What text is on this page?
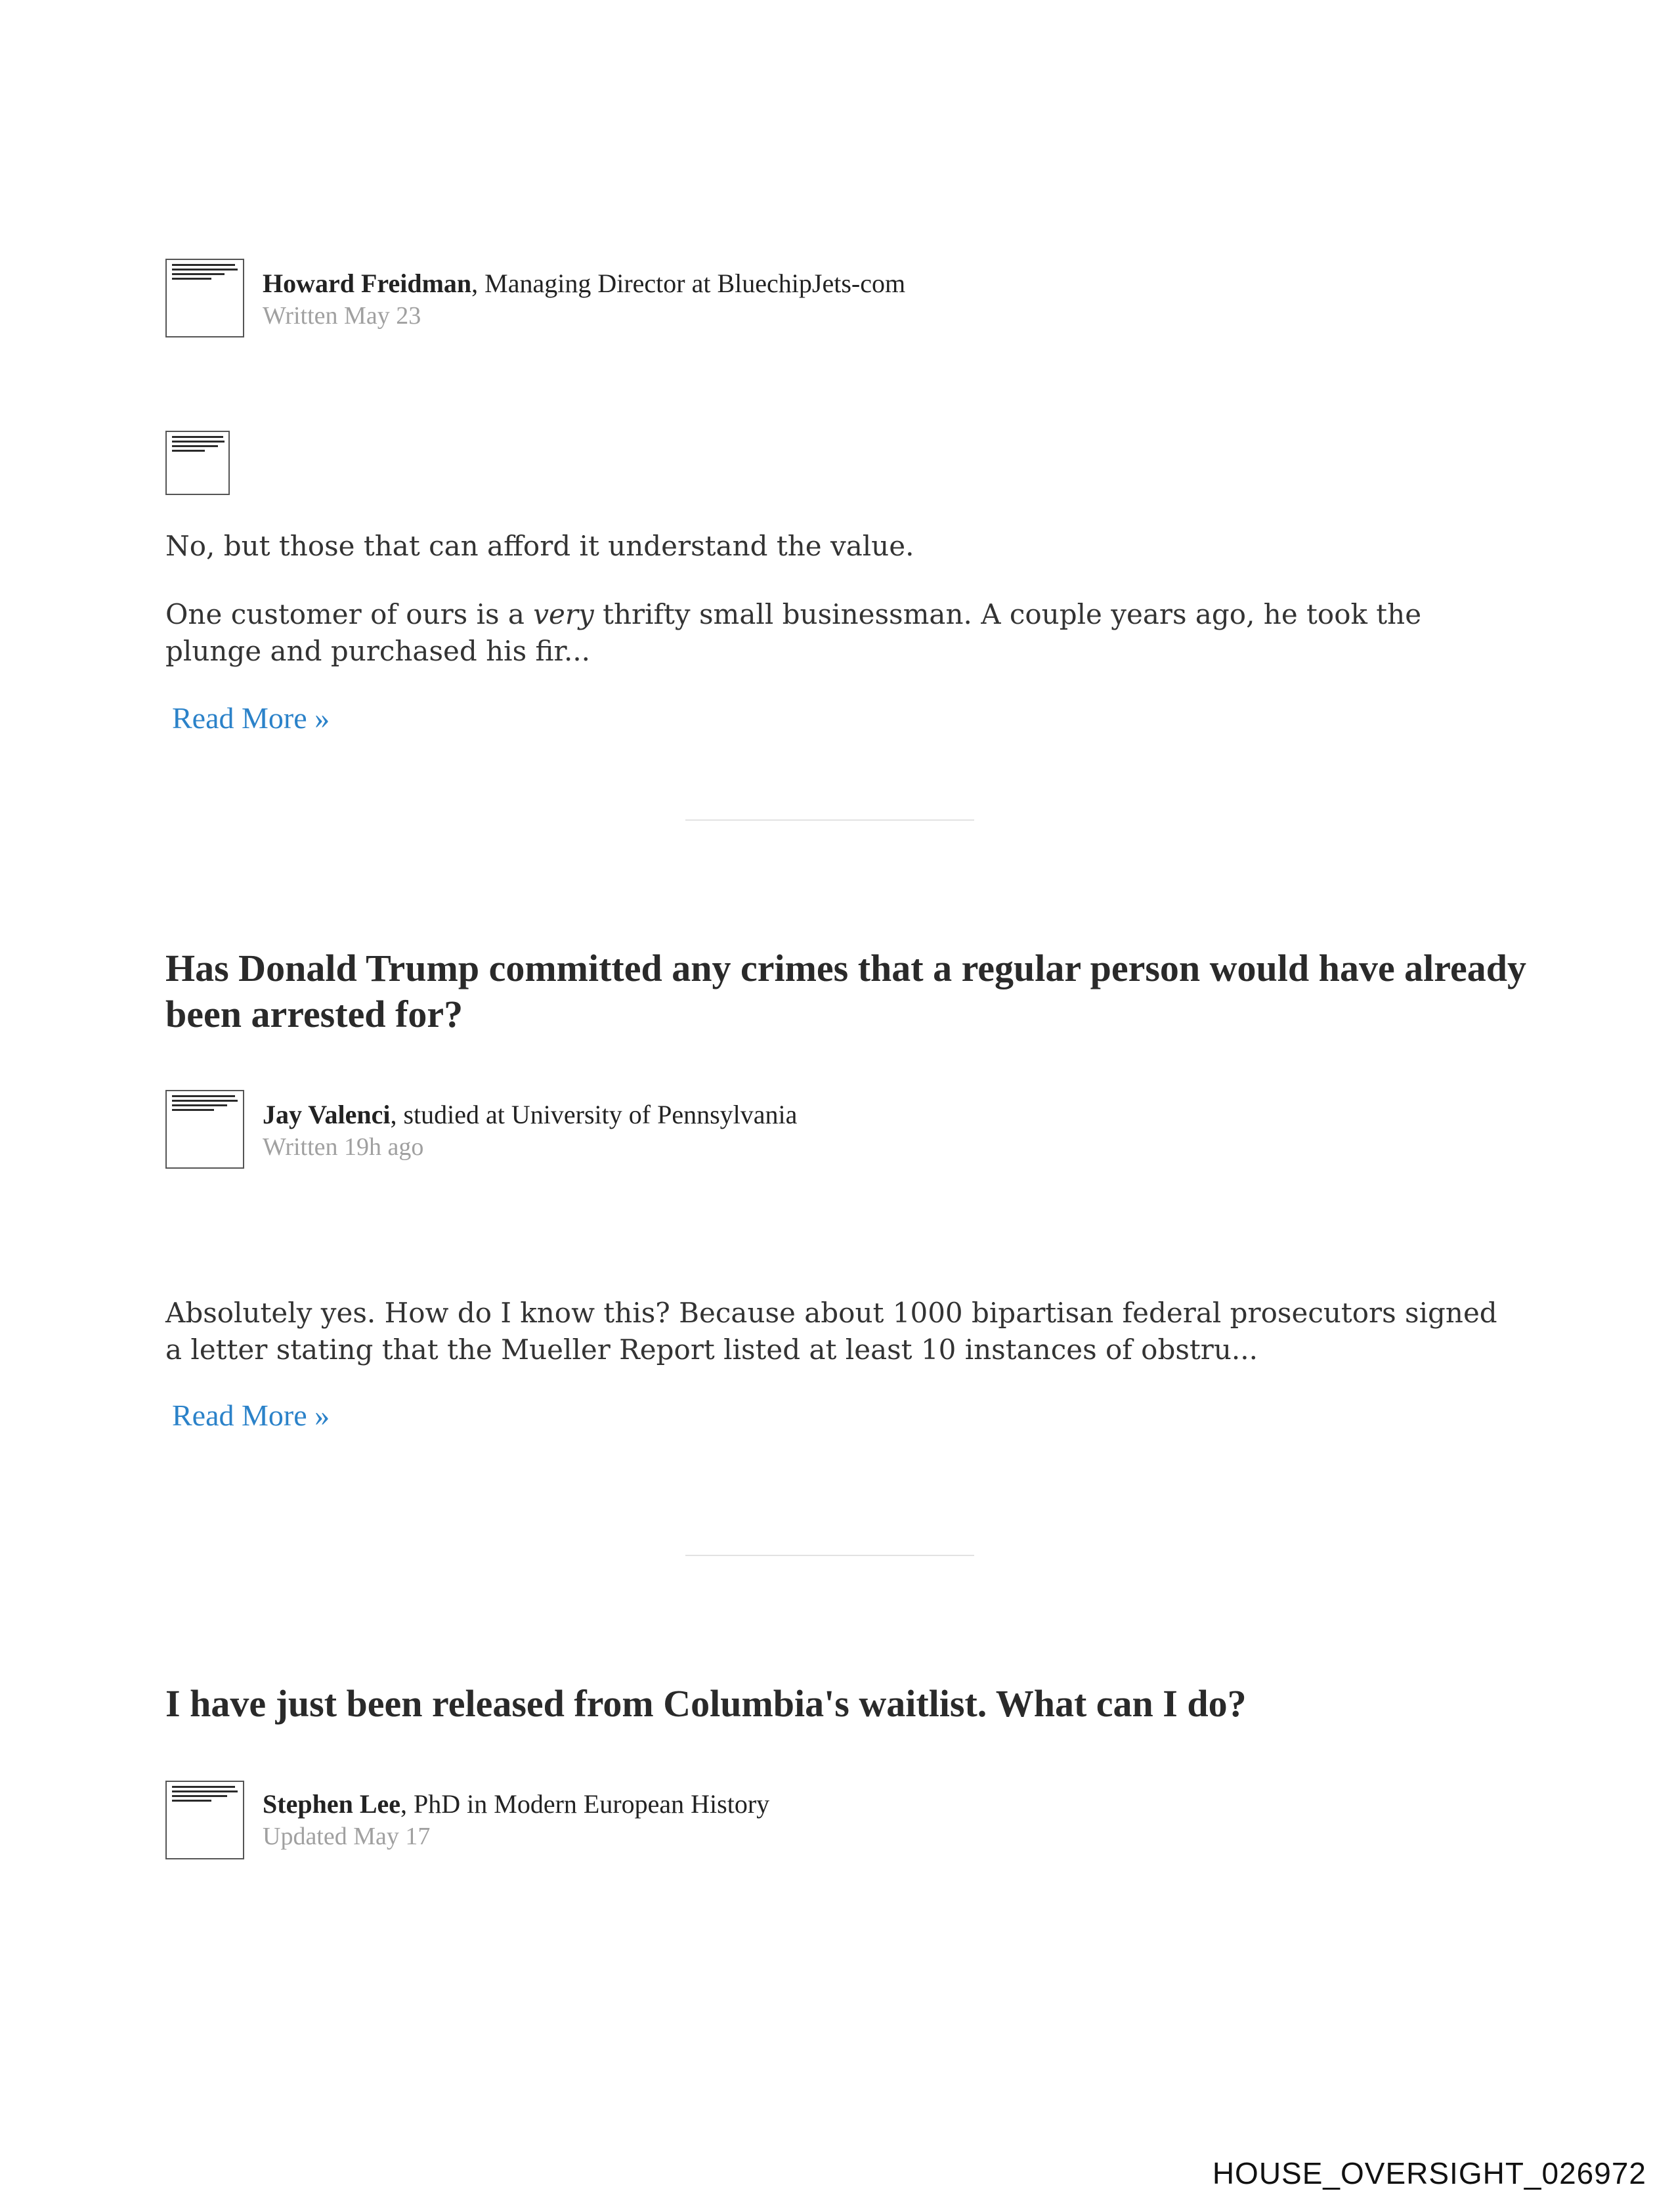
Howard Freidman, Managing Director at BluechipJets-com
Written May 23

No, but those that can afford it understand the value.

One customer of ours is a very thrifty small businessman. A couple years ago, he took the plunge and purchased his fir...

Read More »
Has Donald Trump committed any crimes that a regular person would have already been arrested for?
Jay Valenci, studied at University of Pennsylvania
Written 19h ago

Absolutely yes. How do I know this? Because about 1000 bipartisan federal prosecutors signed a letter stating that the Mueller Report listed at least 10 instances of obstru...

Read More »
I have just been released from Columbia's waitlist. What can I do?
Stephen Lee, PhD in Modern European History
Updated May 17
HOUSE_OVERSIGHT_026972
